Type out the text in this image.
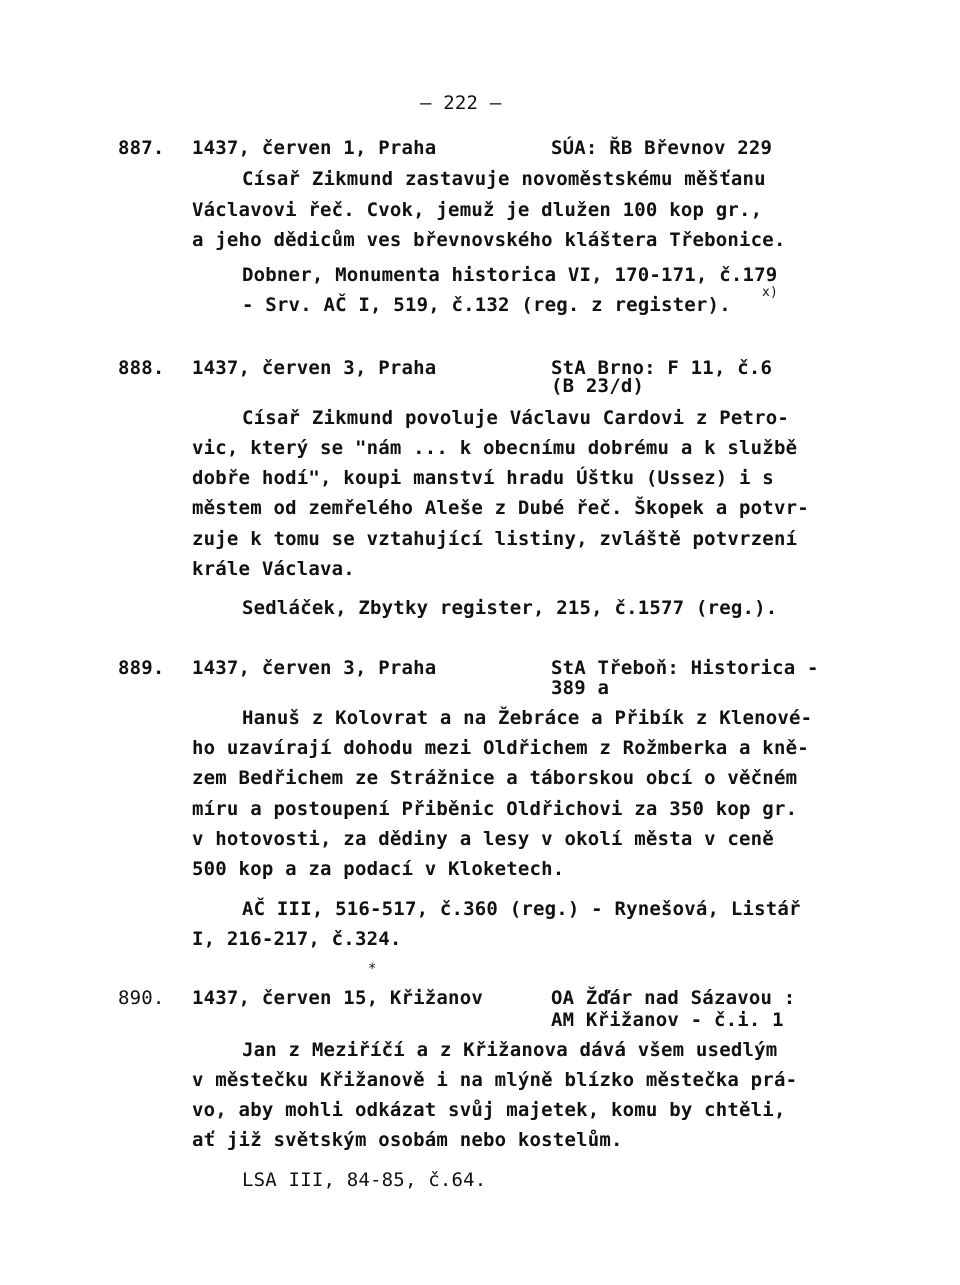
– 222 –
887. 1437, červen 1, Praha	SÚA: ŘB Břevnov 229
Císař Zikmund zastavuje novoměstskému měšťanu
Václavovi řeč. Cvok, jemuž je dlužen 100 kop gr.,
a jeho dědicům ves břevnovského kláštera Třebonice.
Dobner, Monumenta historica VI, 170-171, č.179
- Srv. AČ I, 519, č.132 (reg. z register).
x)
888. 1437, červen 3, Praha	StA Brno: F 11, č.6
(B 23/d)
Císař Zikmund povoluje Václavu Cardovi z Petro-
vic, který se "nám ... k obecnímu dobrému a k službě
dobře hodí", koupi manství hradu Úštku (Ussez) i s
městem od zemřelého Aleše z Dubé řeč. Škopek a potvr-
zuje k tomu se vztahující listiny, zvláště potvrzení
krále Václava.
Sedláček, Zbytky register, 215, č.1577 (reg.).
889. 1437, červen 3, Praha	StA Třeboň: Historica -
389 a
Hanuš z Kolovrat a na Žebráce a Přibík z Klenové-
ho uzavírají dohodu mezi Oldřichem z Rožmberka a kně-
zem Bedřichem ze Strážnice a táborskou obcí o věčném
míru a postoupení Přiběnic Oldřichovi za 350 kop gr.
v hotovosti, za dědiny a lesy v okolí města v ceně
500 kop a za podací v Kloketech.
AČ III, 516-517, č.360 (reg.) - Rynešová, Listář
I, 216-217, č.324.
*
890. 1437, červen 15, Křižanov	OA Žďár nad Sázavou :
AM Křižanov - č.i. 1
Jan z Meziříčí a z Křižanova dává všem usedlým
v městečku Křižanově i na mlýně blízko městečka prá-
vo, aby mohli odkázat svůj majetek, komu by chtěli,
ať již světským osobám nebo kostelům.
LSA III, 84-85, č.64.
